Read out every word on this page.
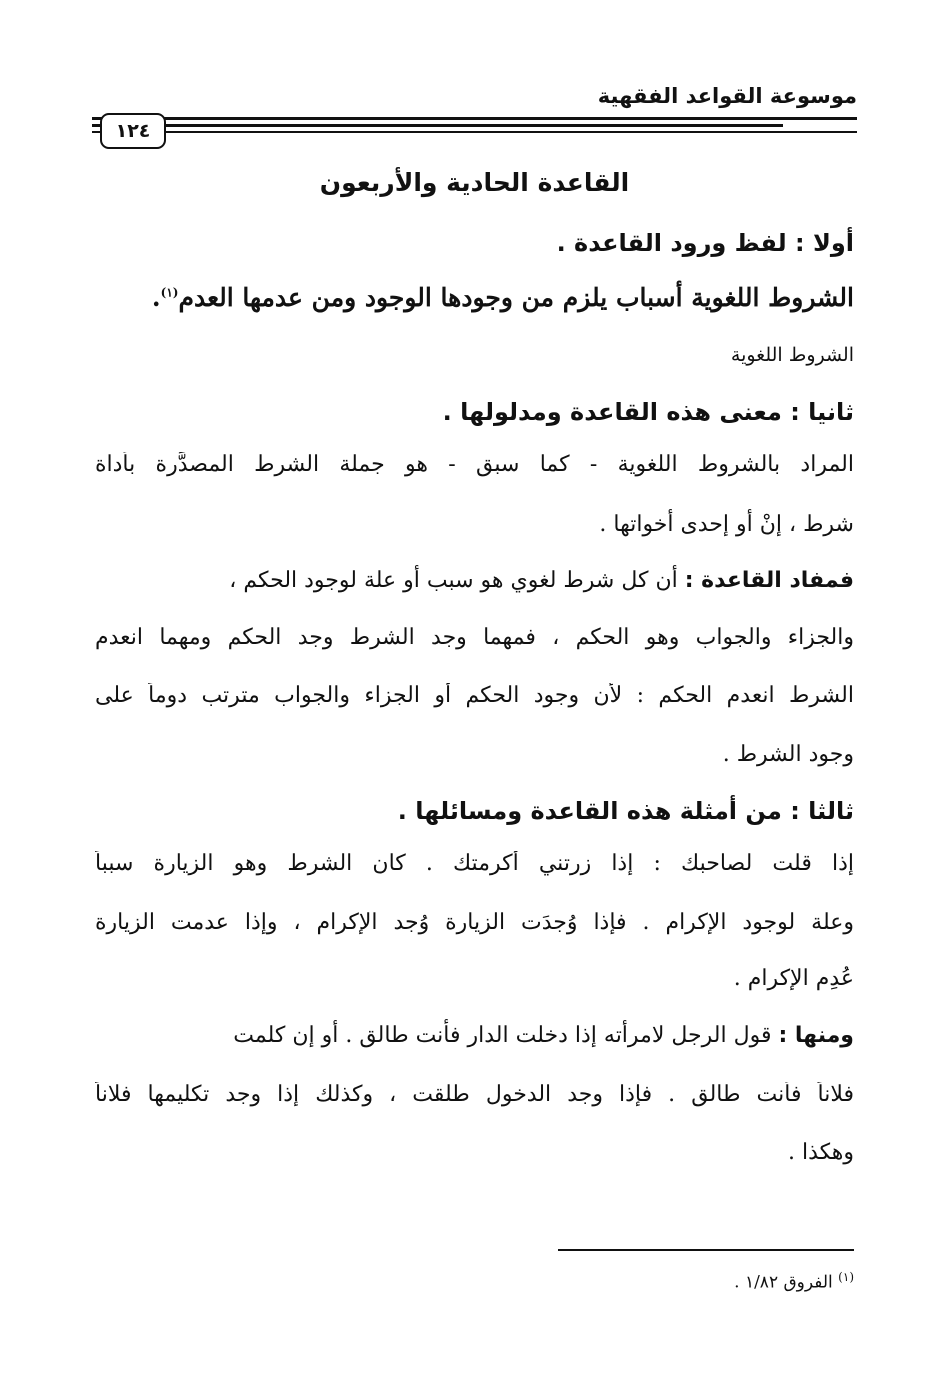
موسوعة القواعد الفقهية
١٢٤
القاعدة الحادية والأربعون
أولا : لفظ ورود القاعدة .
الشروط اللغوية أسباب يلزم من وجودها الوجود ومن عدمها العدم$^{(١)}$.
الشروط اللغوية
ثانيا : معنى هذه القاعدة ومدلولها .
المراد بالشروط اللغوية - كما سبق - هو جملة الشرط المصدَّرة بأداة
شرط ، إنْ أو إحدى أخواتها .
فمفاد القاعدة : أن كل شرط لغوي هو سبب أو علة لوجود الحكم ،
والجزاء والجواب وهو الحكم ، فمهما وجد الشرط وجد الحكم ومهما انعدم
الشرط انعدم الحكم : لأن وجود الحكم أو الجزاء والجواب مترتب دوماً على
وجود الشرط .
ثالثا : من أمثلة هذه القاعدة ومسائلها .
إذا قلت لصاحبك : إذا زرتني أكرمتك . كان الشرط وهو الزيارة سبباً
وعلة لوجود الإكرام . فإذا وُجدَت الزيارة وُجد الإكرام ، وإذا عدمت الزيارة
عُدِم الإكرام .
ومنها : قول الرجل لامرأته إذا دخلت الدار فأنت طالق . أو إن كلمت
فلاناً فأنت طالق . فإذا وجد الدخول طلقت ، وكذلك إذا وجد تكليمها فلاناً
وهكذا .
$^{(١)}$ الفروق ١/٨٢ .
